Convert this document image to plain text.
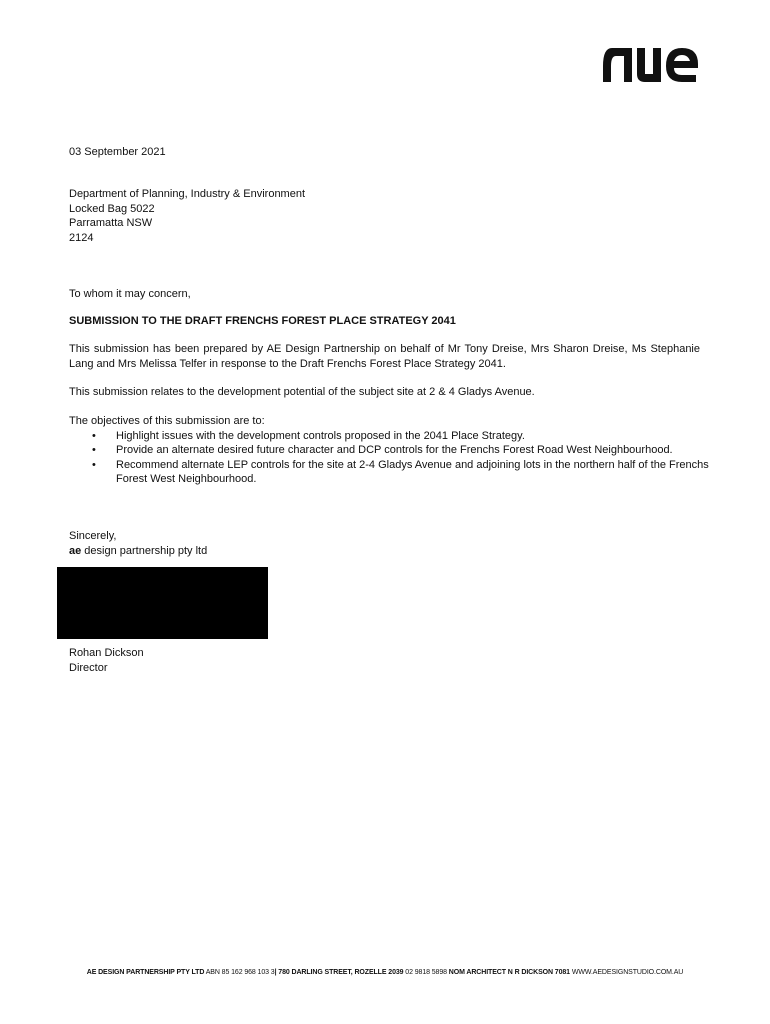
03 September 2021

Department of Planning, Industry & Environment
Locked Bag 5022
Parramatta NSW
2124

To whom it may concern,

SUBMISSION TO THE DRAFT FRENCHS FOREST PLACE STRATEGY 2041

This submission has been prepared by AE Design Partnership on behalf of Mr Tony Dreise, Mrs Sharon Dreise, Ms Stephanie Lang and Mrs Melissa Telfer in response to the Draft Frenchs Forest Place Strategy 2041.

This submission relates to the development potential of the subject site at 2 & 4 Gladys Avenue.

The objectives of this submission are to:
• Highlight issues with the development controls proposed in the 2041 Place Strategy.
• Provide an alternate desired future character and DCP controls for the Frenchs Forest Road West Neighbourhood.
• Recommend alternate LEP controls for the site at 2-4 Gladys Avenue and adjoining lots in the northern half of the Frenchs Forest West Neighbourhood.
Sincerely,
ae design partnership pty ltd
Rohan Dickson
Director
AE DESIGN PARTNERSHIP PTY LTD ABN 85 162 968 103 3| 780 DARLING STREET, ROZELLE 2039 02 9818 5898 NOM ARCHITECT N R DICKSON 7081 WWW.AEDESIGNSTUDIO.COM.AU
